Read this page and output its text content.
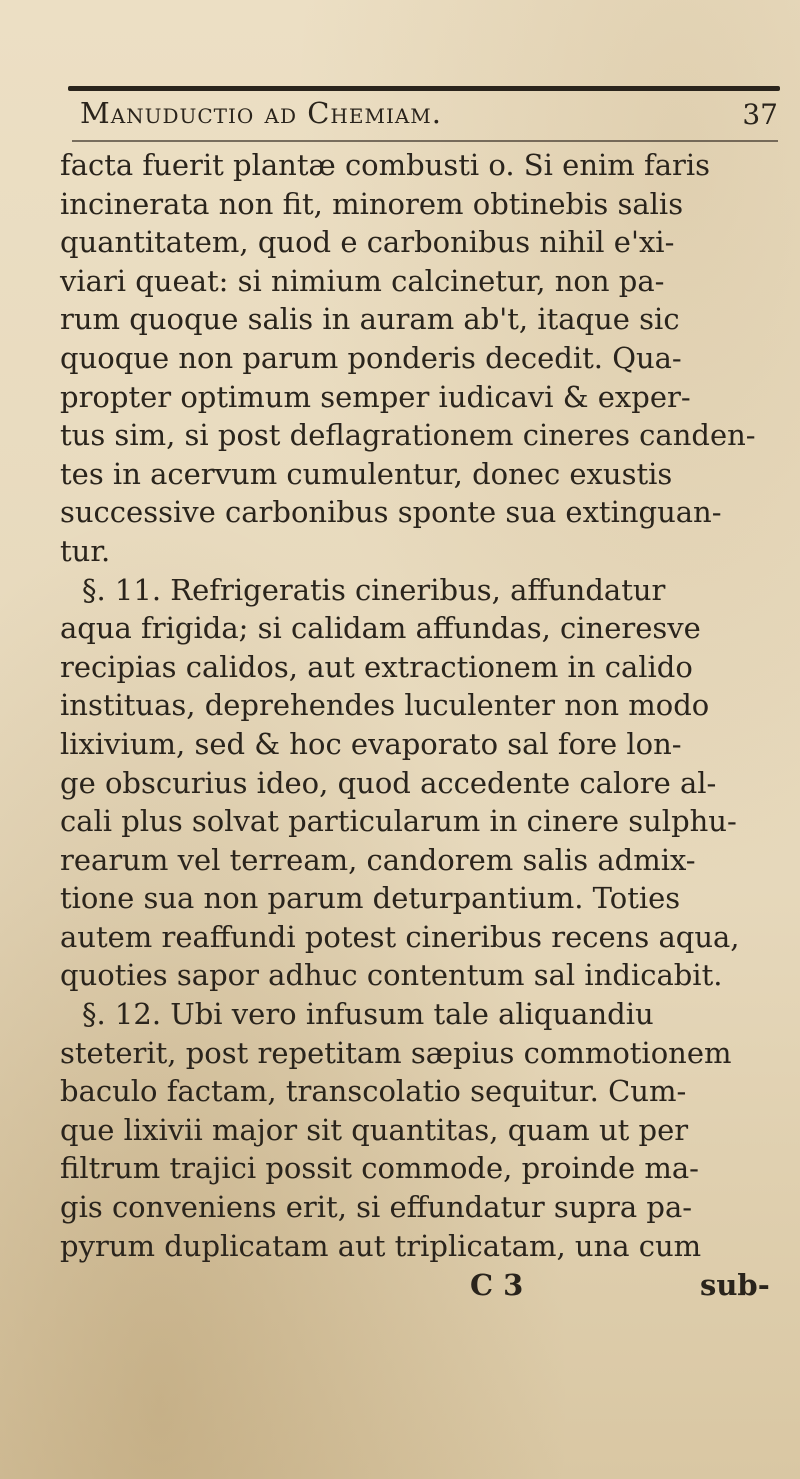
Manuductio ad Chemiam.	37
facta fuerit plantæ combusti o. Si enim faris
incinerata non fit, minorem obtinebis salis
quantitatem, quod e carbonibus nihil e'xi-
viari queat: si nimium calcinetur, non pa-
rum quoque salis in auram ab't, itaque sic
quoque non parum ponderis decedit. Qua-
propter optimum semper iudicavi & exper-
tus sim, si post deflagrationem cineres canden-
tes in acervum cumulentur, donec exustis
successive carbonibus sponte sua extinguan-
tur.
§. 11. Refrigeratis cineribus, affundatur
aqua frigida; si calidam affundas, cineresve
recipias calidos, aut extractionem in calido
instituas, deprehendes luculenter non modo
lixivium, sed & hoc evaporato sal fore lon-
ge obscurius ideo, quod accedente calore al-
cali plus solvat particularum in cinere sulphu-
rearum vel terream, candorem salis admix-
tione sua non parum deturpantium. Toties
autem reaffundi potest cineribus recens aqua,
quoties sapor adhuc contentum sal indicabit.
§. 12. Ubi vero infusum tale aliquandiu
steterit, post repetitam sæpius commotionem
baculo factam, transcolatio sequitur. Cum-
que lixivii major sit quantitas, quam ut per
filtrum trajici possit commode, proinde ma-
gis conveniens erit, si effundatur supra pa-
pyrum duplicatam aut triplicatam, una cum
C 3	sub-
